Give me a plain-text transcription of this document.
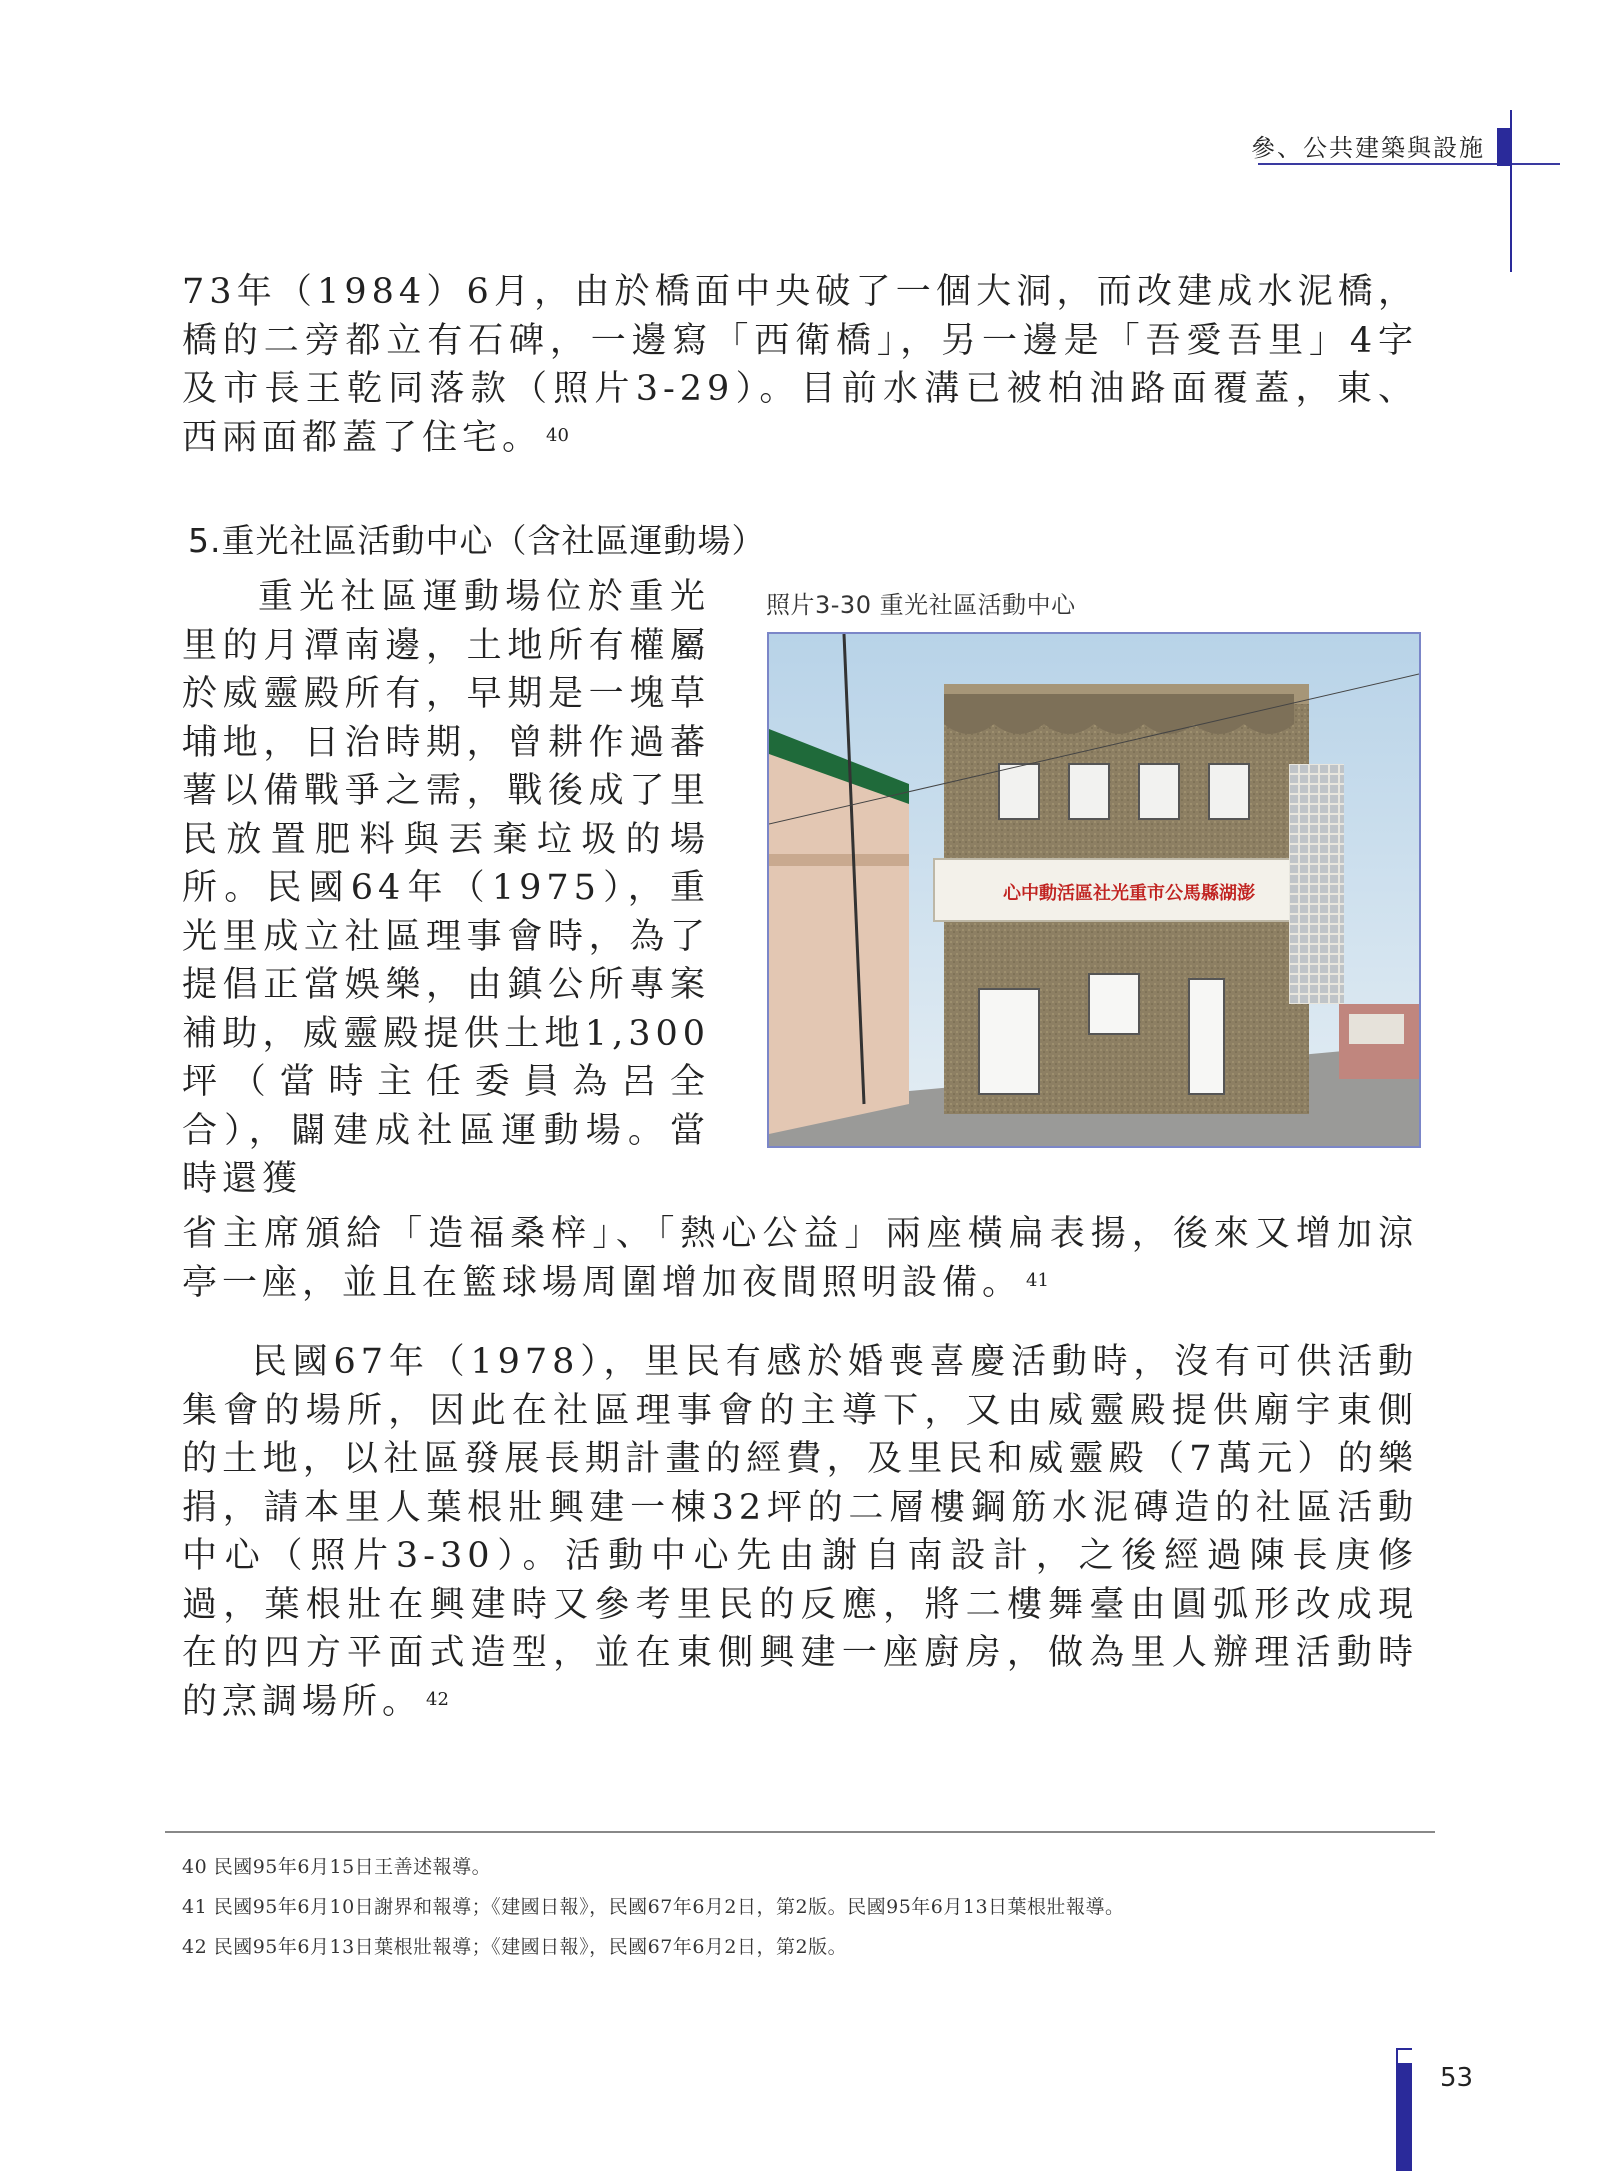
參、公共建築與設施

73年（1984）6月，由於橋面中央破了一個大洞，而改建成水泥橋，橋的二旁都立有石碑，一邊寫「西衛橋」，另一邊是「吾愛吾里」4字及市長王乾同落款（照片3-29）。目前水溝已被柏油路面覆蓋，東、西兩面都蓋了住宅。 $^{40}$

5.重光社區活動中心（含社區運動場）

重光社區運動場位於重光里的月潭南邊，土地所有權屬於威靈殿所有，早期是一塊草埔地，日治時期，曾耕作過蕃薯以備戰爭之需，戰後成了里民放置肥料與丟棄垃圾的場所。民國64年（1975），重光里成立社區理事會時，為了提倡正當娛樂，由鎮公所專案補助，威靈殿提供土地1,300坪（當時主任委員為呂全合），闢建成社區運動場。當時還獲

省主席頒給「造福桑梓」、「熱心公益」兩座橫扁表揚，後來又增加涼亭一座，並且在籃球場周圍增加夜間照明設備。 $^{41}$

照片3-30 重光社區活動中心
心中動活區社光重市公馬縣湖澎

民國67年（1978），里民有感於婚喪喜慶活動時，沒有可供活動集會的場所，因此在社區理事會的主導下，又由威靈殿提供廟宇東側的土地，以社區發展長期計畫的經費，及里民和威靈殿（7萬元）的樂捐，請本里人葉根壯興建一棟32坪的二層樓鋼筋水泥磚造的社區活動中心（照片3-30）。活動中心先由謝自南設計，之後經過陳長庚修過，葉根壯在興建時又參考里民的反應，將二樓舞臺由圓弧形改成現在的四方平面式造型，並在東側興建一座廚房，做為里人辦理活動時的烹調場所。 $^{42}$

40 民國95年6月15日王善述報導。
41 民國95年6月10日謝界和報導；《建國日報》，民國67年6月2日，第2版。民國95年6月13日葉根壯報導。
42 民國95年6月13日葉根壯報導；《建國日報》，民國67年6月2日，第2版。
53
